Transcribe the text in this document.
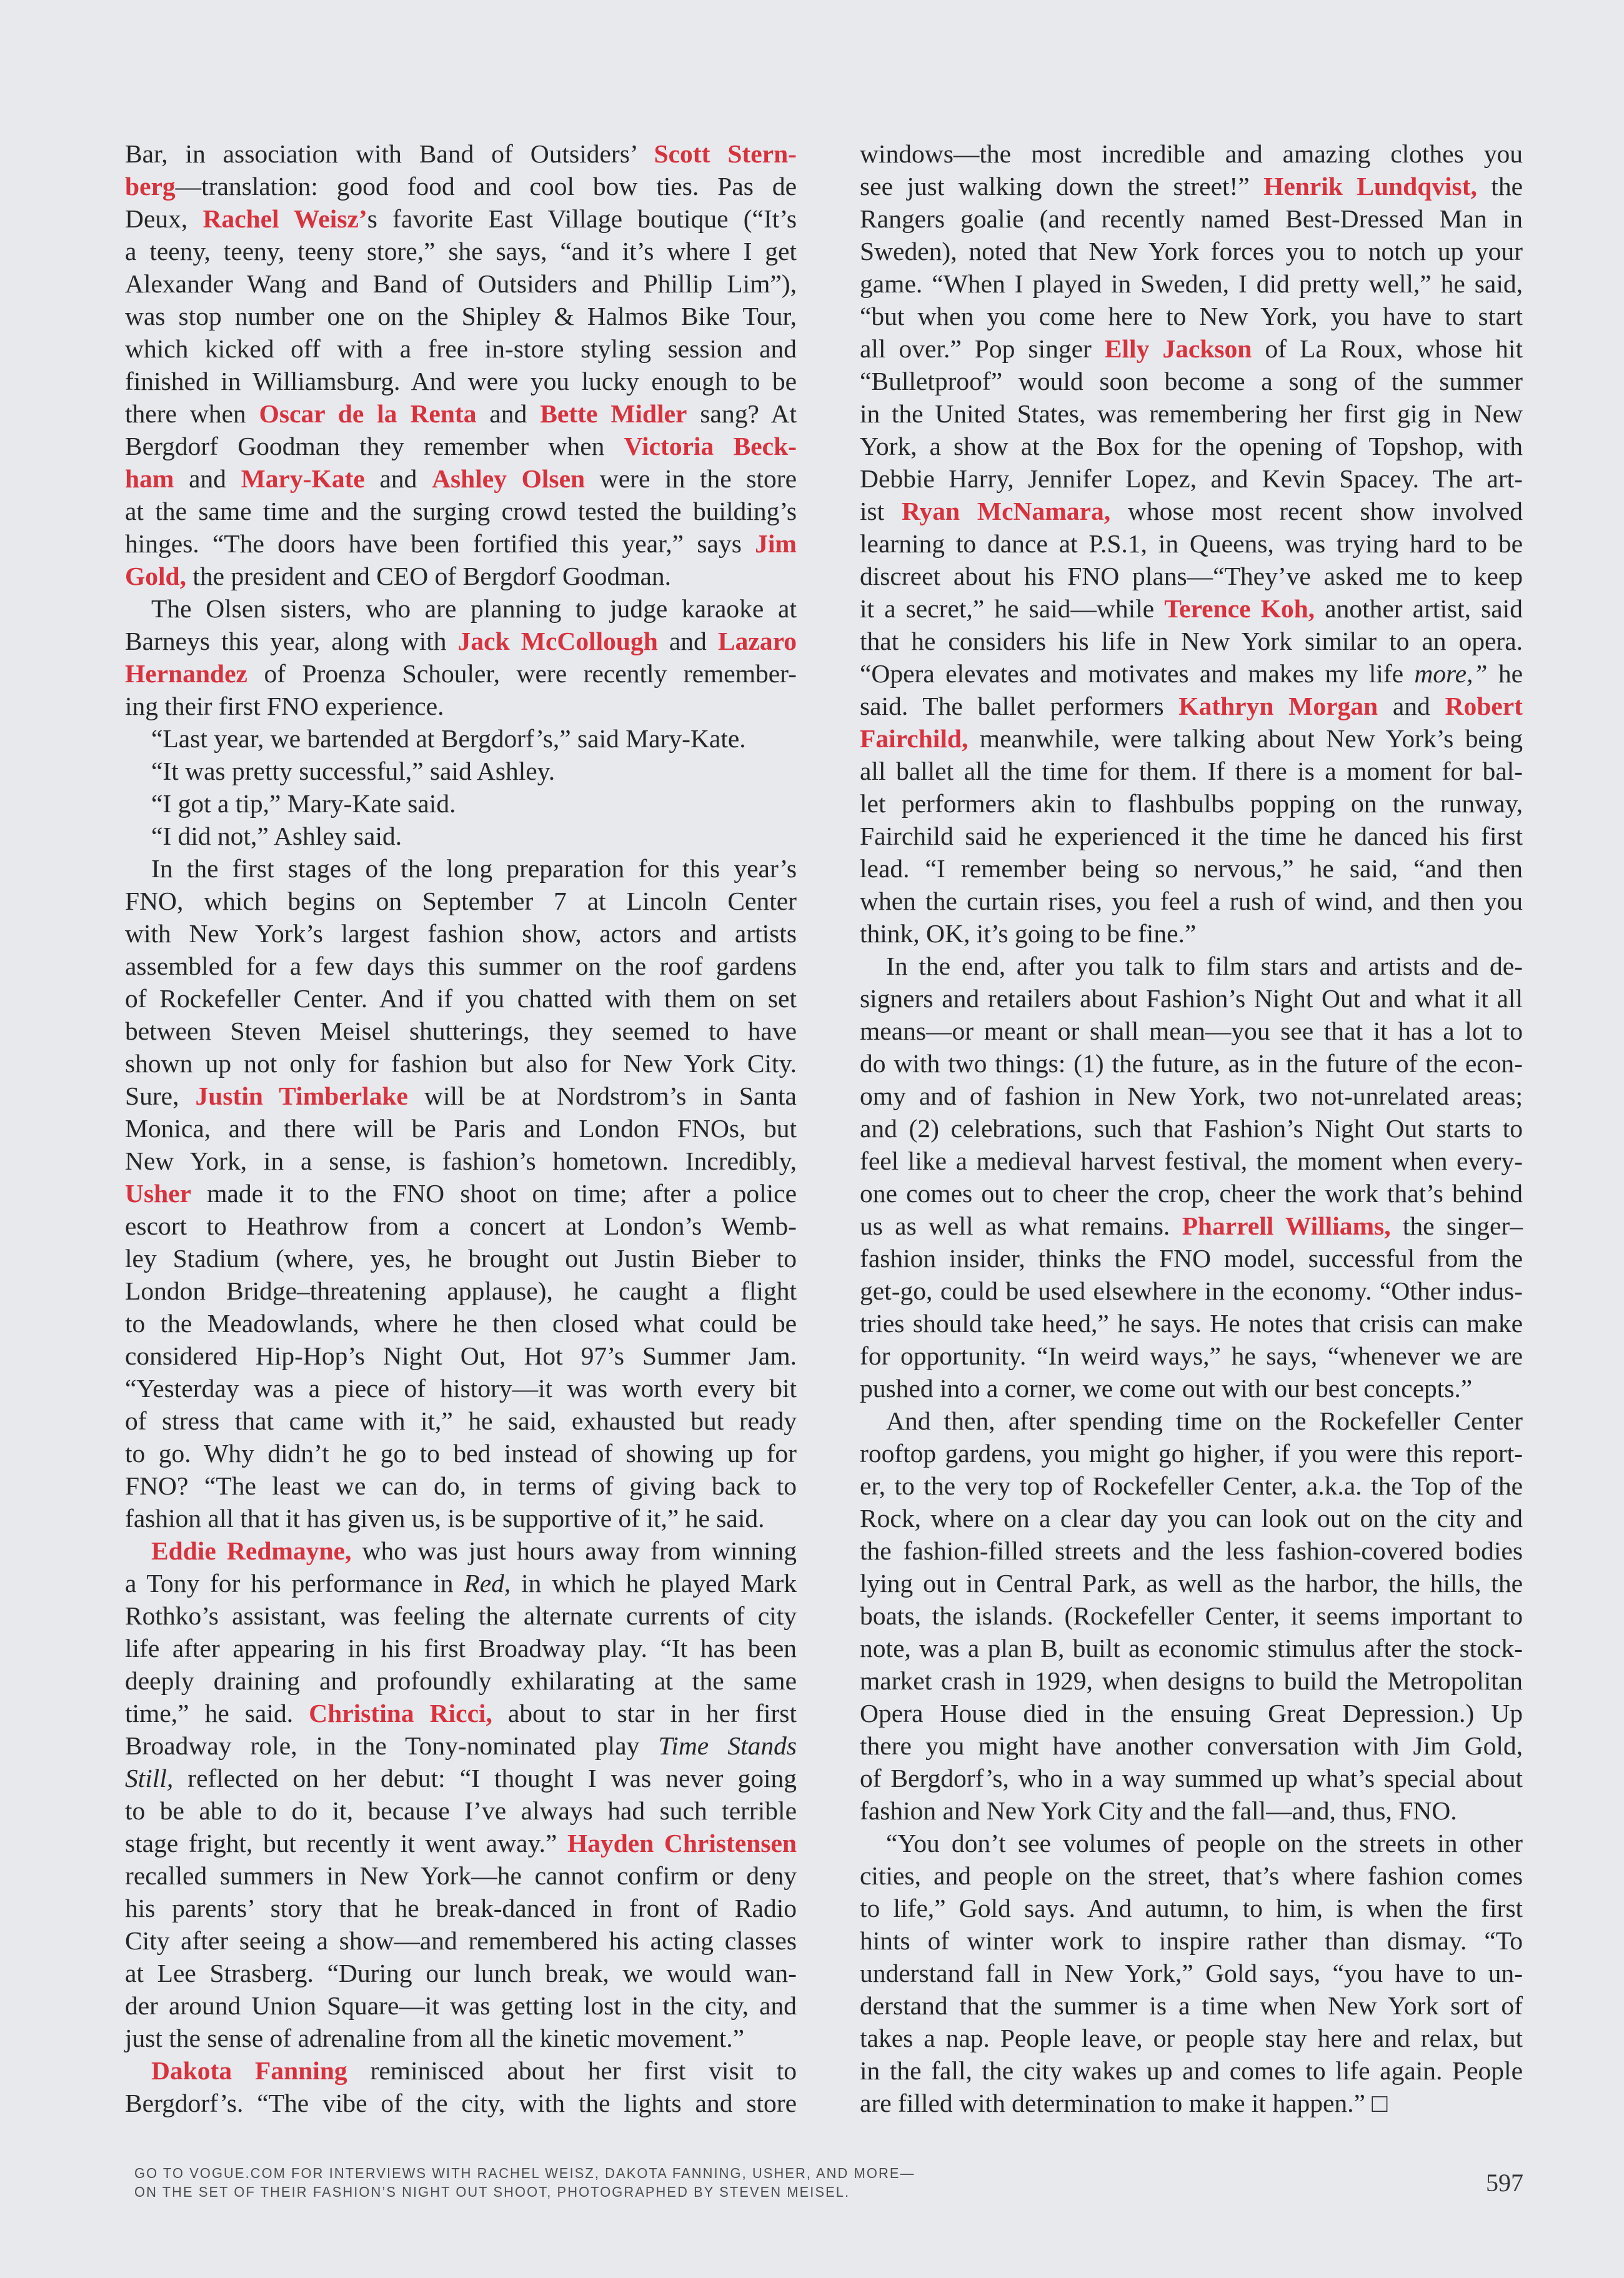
Bar, in association with Band of Outsiders’ Scott Stern-
berg—translation: good food and cool bow ties. Pas de
Deux, Rachel Weisz’s favorite East Village boutique (“It’s
a teeny, teeny, teeny store,” she says, “and it’s where I get
Alexander Wang and Band of Outsiders and Phillip Lim”),
was stop number one on the Shipley & Halmos Bike Tour,
which kicked off with a free in-store styling session and
finished in Williamsburg. And were you lucky enough to be
there when Oscar de la Renta and Bette Midler sang? At
Bergdorf Goodman they remember when Victoria Beck-
ham and Mary-Kate and Ashley Olsen were in the store
at the same time and the surging crowd tested the building’s
hinges. “The doors have been fortified this year,” says Jim
Gold, the president and CEO of Bergdorf Goodman.
The Olsen sisters, who are planning to judge karaoke at
Barneys this year, along with Jack McCollough and Lazaro
Hernandez of Proenza Schouler, were recently remember-
ing their first FNO experience.
“Last year, we bartended at Bergdorf’s,” said Mary-Kate.
“It was pretty successful,” said Ashley.
“I got a tip,” Mary-Kate said.
“I did not,” Ashley said.
In the first stages of the long preparation for this year’s
FNO, which begins on September 7 at Lincoln Center
with New York’s largest fashion show, actors and artists
assembled for a few days this summer on the roof gardens
of Rockefeller Center. And if you chatted with them on set
between Steven Meisel shutterings, they seemed to have
shown up not only for fashion but also for New York City.
Sure, Justin Timberlake will be at Nordstrom’s in Santa
Monica, and there will be Paris and London FNOs, but
New York, in a sense, is fashion’s hometown. Incredibly,
Usher made it to the FNO shoot on time; after a police
escort to Heathrow from a concert at London’s Wemb-
ley Stadium (where, yes, he brought out Justin Bieber to
London Bridge–threatening applause), he caught a flight
to the Meadowlands, where he then closed what could be
considered Hip-Hop’s Night Out, Hot 97’s Summer Jam.
“Yesterday was a piece of history—it was worth every bit
of stress that came with it,” he said, exhausted but ready
to go. Why didn’t he go to bed instead of showing up for
FNO? “The least we can do, in terms of giving back to
fashion all that it has given us, is be supportive of it,” he said.
Eddie Redmayne, who was just hours away from winning
a Tony for his performance in Red, in which he played Mark
Rothko’s assistant, was feeling the alternate currents of city
life after appearing in his first Broadway play. “It has been
deeply draining and profoundly exhilarating at the same
time,” he said. Christina Ricci, about to star in her first
Broadway role, in the Tony-nominated play Time Stands
Still, reflected on her debut: “I thought I was never going
to be able to do it, because I’ve always had such terrible
stage fright, but recently it went away.” Hayden Christensen
recalled summers in New York—he cannot confirm or deny
his parents’ story that he break-danced in front of Radio
City after seeing a show—and remembered his acting classes
at Lee Strasberg. “During our lunch break, we would wan-
der around Union Square—it was getting lost in the city, and
just the sense of adrenaline from all the kinetic movement.”
Dakota Fanning reminisced about her first visit to
Bergdorf’s. “The vibe of the city, with the lights and store
windows—the most incredible and amazing clothes you
see just walking down the street!” Henrik Lundqvist, the
Rangers goalie (and recently named Best-Dressed Man in
Sweden), noted that New York forces you to notch up your
game. “When I played in Sweden, I did pretty well,” he said,
“but when you come here to New York, you have to start
all over.” Pop singer Elly Jackson of La Roux, whose hit
“Bulletproof” would soon become a song of the summer
in the United States, was remembering her first gig in New
York, a show at the Box for the opening of Topshop, with
Debbie Harry, Jennifer Lopez, and Kevin Spacey. The art-
ist Ryan McNamara, whose most recent show involved
learning to dance at P.S.1, in Queens, was trying hard to be
discreet about his FNO plans—“They’ve asked me to keep
it a secret,” he said—while Terence Koh, another artist, said
that he considers his life in New York similar to an opera.
“Opera elevates and motivates and makes my life more,” he
said. The ballet performers Kathryn Morgan and Robert
Fairchild, meanwhile, were talking about New York’s being
all ballet all the time for them. If there is a moment for bal-
let performers akin to flashbulbs popping on the runway,
Fairchild said he experienced it the time he danced his first
lead. “I remember being so nervous,” he said, “and then
when the curtain rises, you feel a rush of wind, and then you
think, OK, it’s going to be fine.”
In the end, after you talk to film stars and artists and de-
signers and retailers about Fashion’s Night Out and what it all
means—or meant or shall mean—you see that it has a lot to
do with two things: (1) the future, as in the future of the econ-
omy and of fashion in New York, two not-unrelated areas;
and (2) celebrations, such that Fashion’s Night Out starts to
feel like a medieval harvest festival, the moment when every-
one comes out to cheer the crop, cheer the work that’s behind
us as well as what remains. Pharrell Williams, the singer–
fashion insider, thinks the FNO model, successful from the
get-go, could be used elsewhere in the economy. “Other indus-
tries should take heed,” he says. He notes that crisis can make
for opportunity. “In weird ways,” he says, “whenever we are
pushed into a corner, we come out with our best concepts.”
And then, after spending time on the Rockefeller Center
rooftop gardens, you might go higher, if you were this report-
er, to the very top of Rockefeller Center, a.k.a. the Top of the
Rock, where on a clear day you can look out on the city and
the fashion-filled streets and the less fashion-covered bodies
lying out in Central Park, as well as the harbor, the hills, the
boats, the islands. (Rockefeller Center, it seems important to
note, was a plan B, built as economic stimulus after the stock-
market crash in 1929, when designs to build the Metropolitan
Opera House died in the ensuing Great Depression.) Up
there you might have another conversation with Jim Gold,
of Bergdorf’s, who in a way summed up what’s special about
fashion and New York City and the fall—and, thus, FNO.
“You don’t see volumes of people on the streets in other
cities, and people on the street, that’s where fashion comes
to life,” Gold says. And autumn, to him, is when the first
hints of winter work to inspire rather than dismay. “To
understand fall in New York,” Gold says, “you have to un-
derstand that the summer is a time when New York sort of
takes a nap. People leave, or people stay here and relax, but
in the fall, the city wakes up and comes to life again. People
are filled with determination to make it happen.” □
GO TO VOGUE.COM FOR INTERVIEWS WITH RACHEL WEISZ, DAKOTA FANNING, USHER, AND MORE—
ON THE SET OF THEIR FASHION’S NIGHT OUT SHOOT, PHOTOGRAPHED BY STEVEN MEISEL.	597
